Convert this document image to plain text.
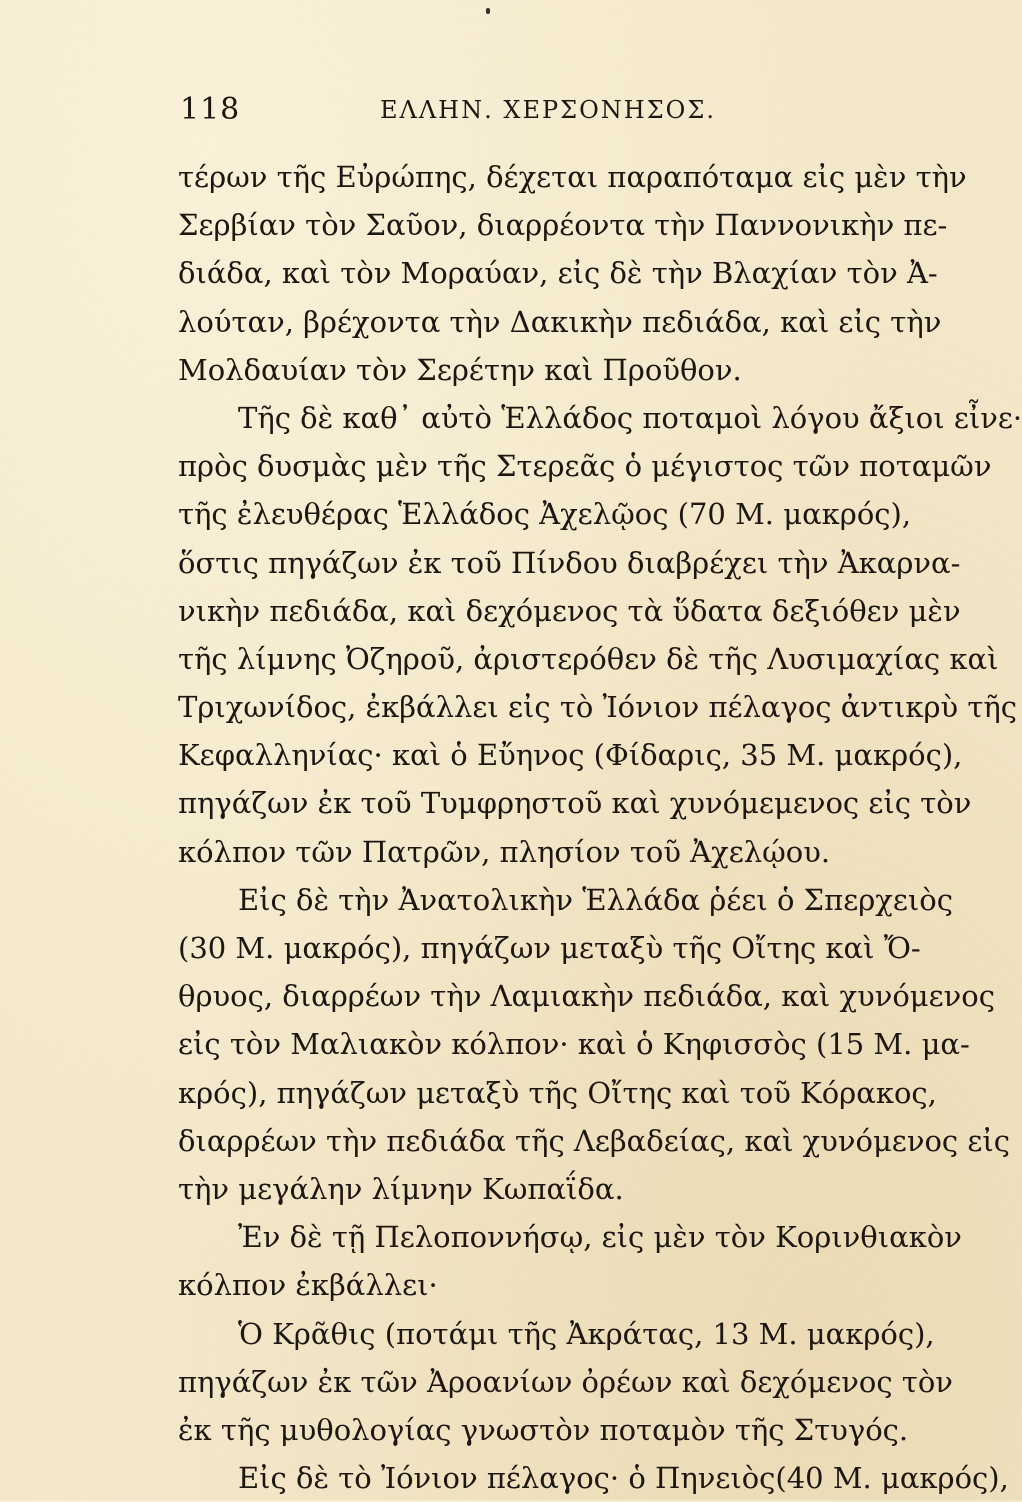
118	ΕΛΛΗΝ. ΧΕΡΣΟΝΗΣΟΣ.
τέρων τῆς Εὐρώπης, δέχεται παραπόταμα εἰς μὲν τὴν
Σερβίαν τὸν Σαῦον, διαρρέοντα τὴν Παννονικὴν πε-
διάδα, καὶ τὸν Μοραύαν, εἰς δὲ τὴν Βλαχίαν τὸν Ἀ-
λούταν, βρέχοντα τὴν Δακικὴν πεδιάδα, καὶ εἰς τὴν
Μολδαυίαν τὸν Σερέτην καὶ Προῦθον.
Τῆς δὲ καθ᾽ αὐτὸ Ἑλλάδος ποταμοὶ λόγου ἄξιοι εἶνε·
πρὸς δυσμὰς μὲν τῆς Στερεᾶς ὁ μέγιστος τῶν ποταμῶν
τῆς ἐλευθέρας Ἑλλάδος Ἀχελῷος (70 Μ. μακρός),
ὅστις πηγάζων ἐκ τοῦ Πίνδου διαβρέχει τὴν Ἀκαρνα-
νικὴν πεδιάδα, καὶ δεχόμενος τὰ ὕδατα δεξιόθεν μὲν
τῆς λίμνης Ὀζηροῦ, ἀριστερόθεν δὲ τῆς Λυσιμαχίας καὶ
Τριχωνίδος, ἐκβάλλει εἰς τὸ Ἰόνιον πέλαγος ἀντικρὺ τῆς
Κεφαλληνίας· καὶ ὁ Εὔηνος (Φίδαρις, 35 Μ. μακρός),
πηγάζων ἐκ τοῦ Τυμφρηστοῦ καὶ χυνόμεμενος εἰς τὸν
κόλπον τῶν Πατρῶν, πλησίον τοῦ Ἀχελῴου.
Εἰς δὲ τὴν Ἀνατολικὴν Ἑλλάδα ῥέει ὁ Σπερχειὸς
(30 Μ. μακρός), πηγάζων μεταξὺ τῆς Οἴτης καὶ Ὄ-
θρυος, διαρρέων τὴν Λαμιακὴν πεδιάδα, καὶ χυνόμενος
εἰς τὸν Μαλιακὸν κόλπον· καὶ ὁ Κηφισσὸς (15 Μ. μα-
κρός), πηγάζων μεταξὺ τῆς Οἴτης καὶ τοῦ Κόρακος,
διαρρέων τὴν πεδιάδα τῆς Λεβαδείας, καὶ χυνόμενος εἰς
τὴν μεγάλην λίμνην Κωπαΐδα.
Ἐν δὲ τῇ Πελοποννήσῳ, εἰς μὲν τὸν Κορινθιακὸν
κόλπον ἐκβάλλει·
Ὁ Κρᾶθις (ποτάμι τῆς Ἀκράτας, 13 Μ. μακρός),
πηγάζων ἐκ τῶν Ἀροανίων ὀρέων καὶ δεχόμενος τὸν
ἐκ τῆς μυθολογίας γνωστὸν ποταμὸν τῆς Στυγός.
Εἰς δὲ τὸ Ἰόνιον πέλαγος· ὁ Πηνειὸς(40 Μ. μακρός),
